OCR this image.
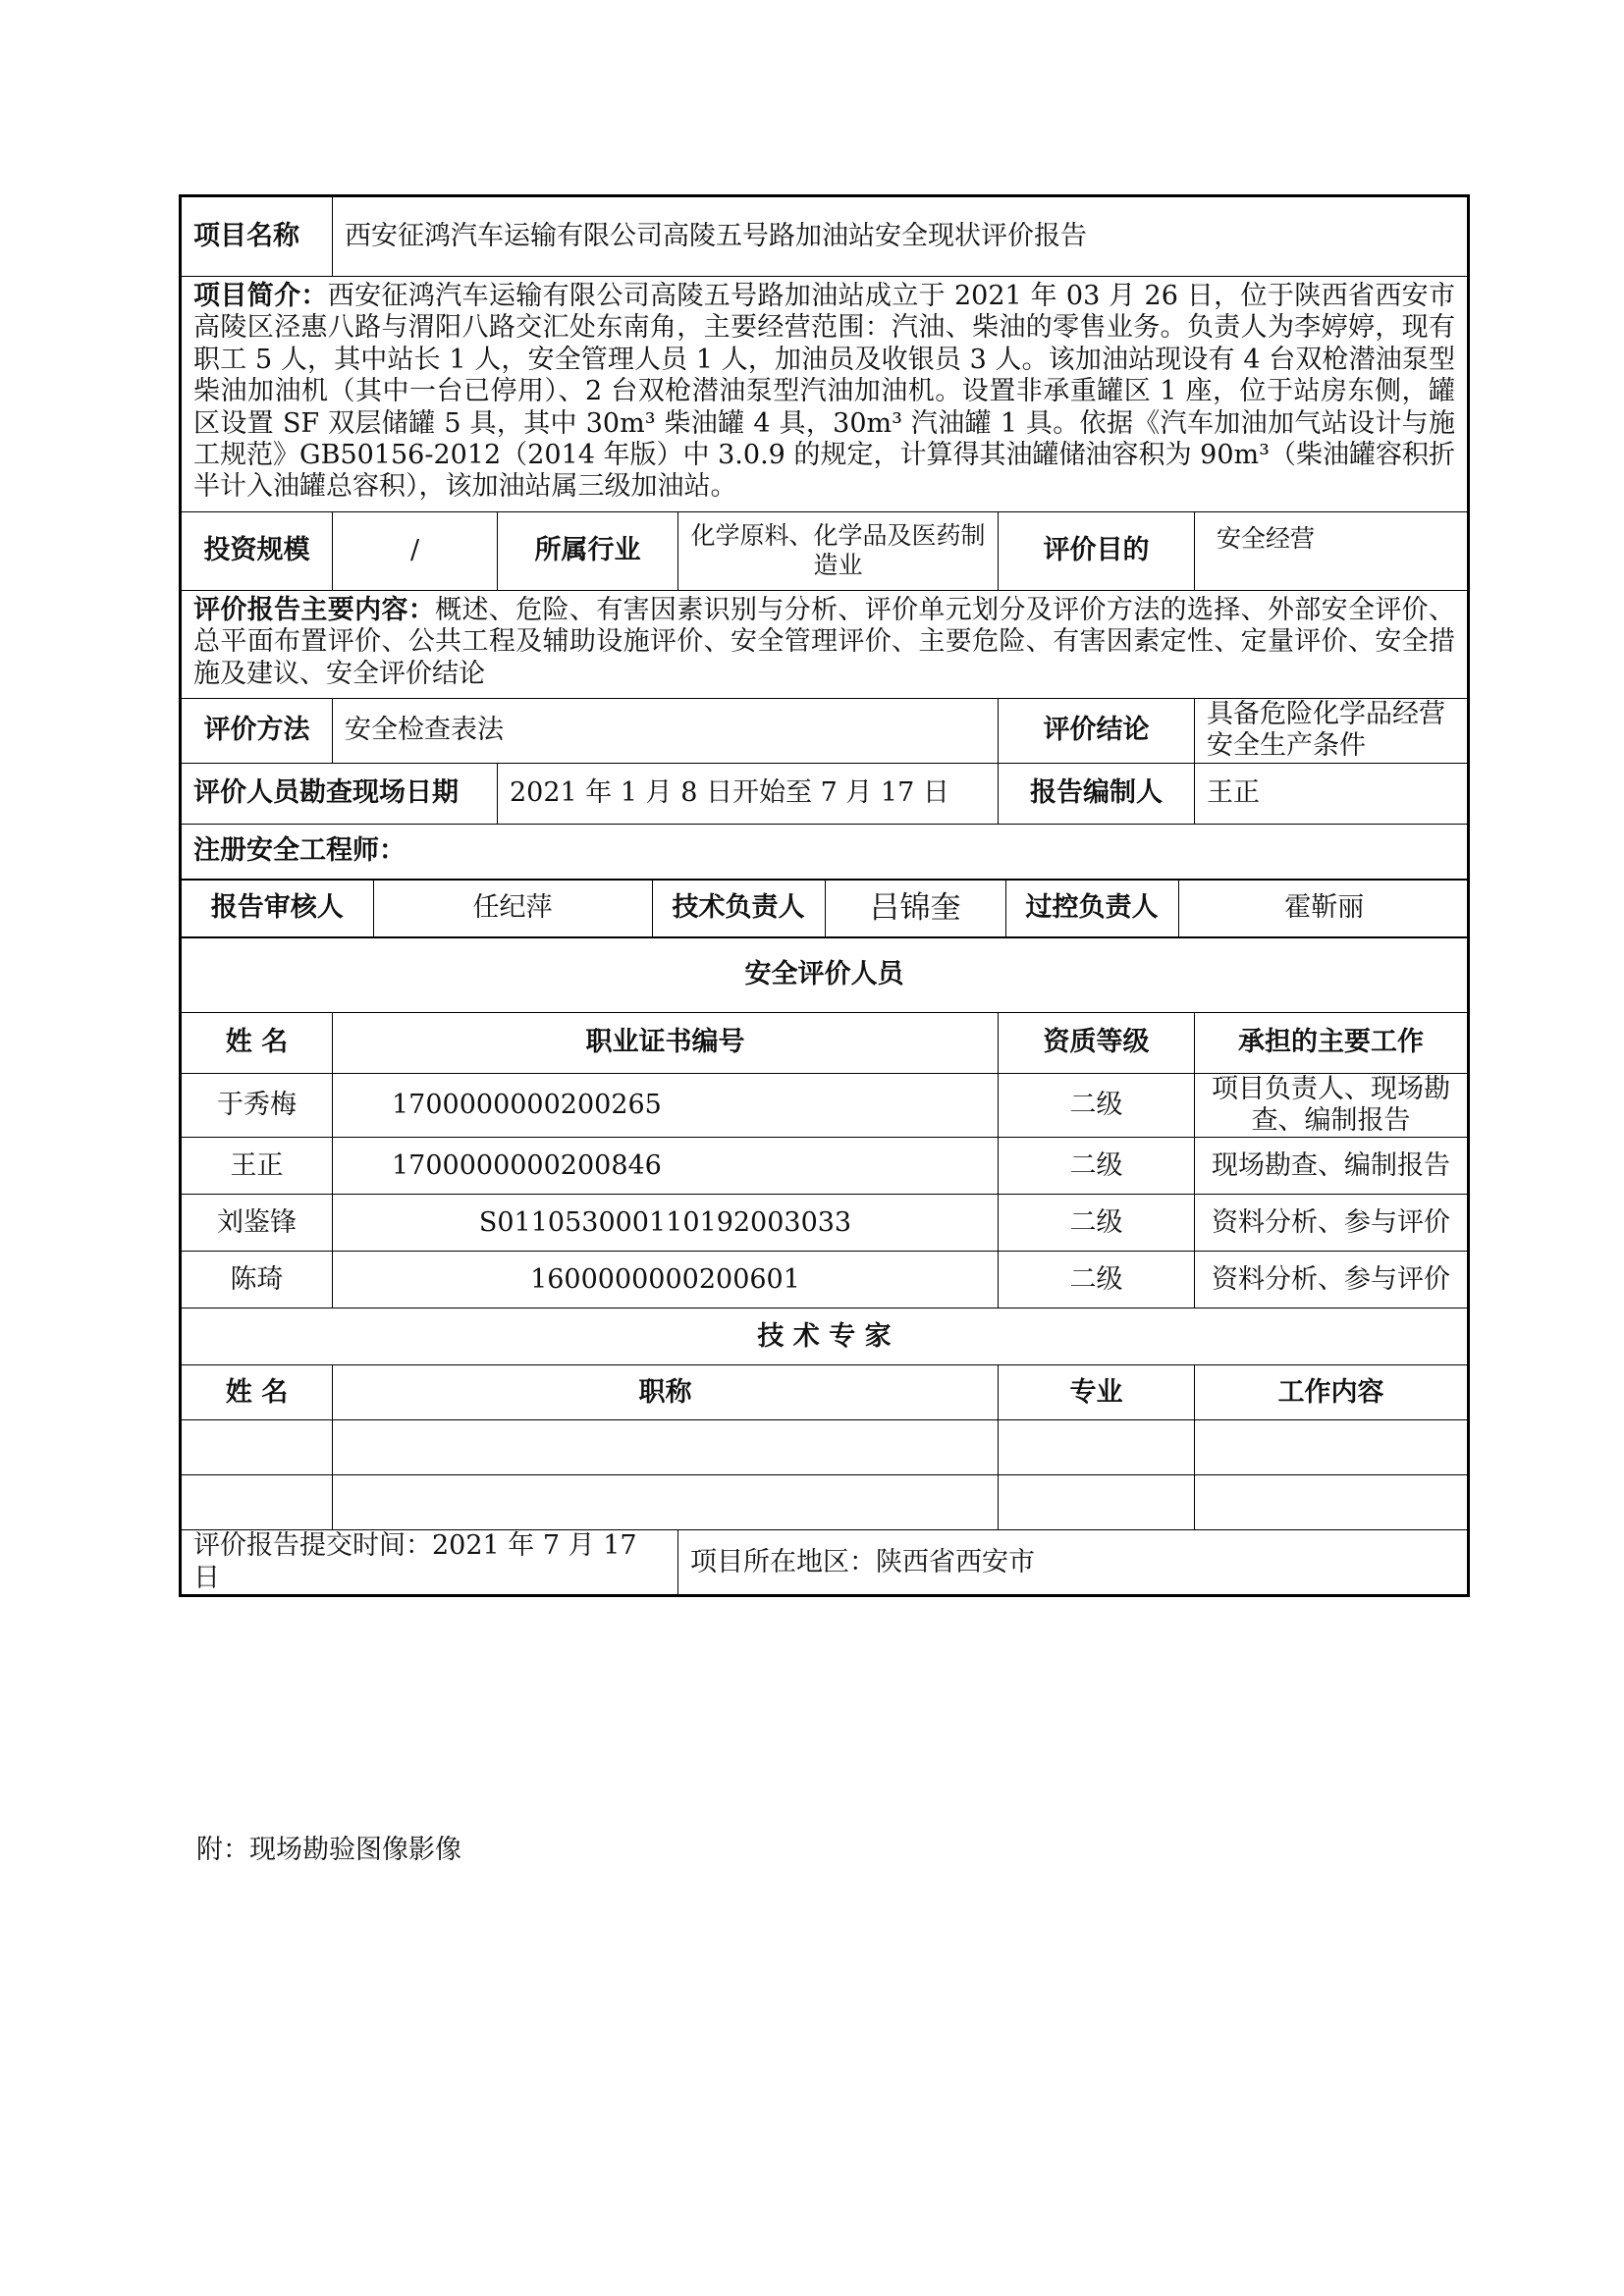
项目名称	西安征鸿汽车运输有限公司高陵五号路加油站安全现状评价报告
项目简介：西安征鸿汽车运输有限公司高陵五号路加油站成立于 2021 年 03 月 26 日，位于陕西省西安市高陵区泾惠八路与渭阳八路交汇处东南角，主要经营范围：汽油、柴油的零售业务。负责人为李婷婷，现有职工 5 人，其中站长 1 人，安全管理人员 1 人，加油员及收银员 3 人。该加油站现设有 4 台双枪潜油泵型柴油加油机（其中一台已停用）、2 台双枪潜油泵型汽油加油机。设置非承重罐区 1 座，位于站房东侧，罐区设置 SF 双层储罐 5 具，其中 30m³ 柴油罐 4 具，30m³ 汽油罐 1 具。依据《汽车加油加气站设计与施工规范》GB50156-2012（2014 年版）中 3.0.9 的规定，计算得其油罐储油容积为 90m³（柴油罐容积折半计入油罐总容积），该加油站属三级加油站。
投资规模	/	所属行业	化学原料、化学品及医药制造业	评价目的	安全经营
评价报告主要内容：概述、危险、有害因素识别与分析、评价单元划分及评价方法的选择、外部安全评价、总平面布置评价、公共工程及辅助设施评价、安全管理评价、主要危险、有害因素定性、定量评价、安全措施及建议、安全评价结论
评价方法	安全检查表法	评价结论	具备危险化学品经营安全生产条件
评价人员勘查现场日期	2021 年 1 月 8 日开始至 7 月 17 日	报告编制人	王正
注册安全工程师：

报告审核人	任纪萍	技术负责人	吕锦奎	过控负责人	霍靳丽

安全评价人员
姓 名	职业证书编号	资质等级	承担的主要工作
于秀梅	1700000000200265	二级	项目负责人、现场勘查、编制报告
王正	1700000000200846	二级	现场勘查、编制报告
刘鉴锋	S011053000110192003033	二级	资料分析、参与评价
陈琦	1600000000200601	二级	资料分析、参与评价
技 术 专 家
姓 名	职称	专业	工作内容

评价报告提交时间：2021 年 7 月 17 日	项目所在地区：陕西省西安市
附：现场勘验图像影像
